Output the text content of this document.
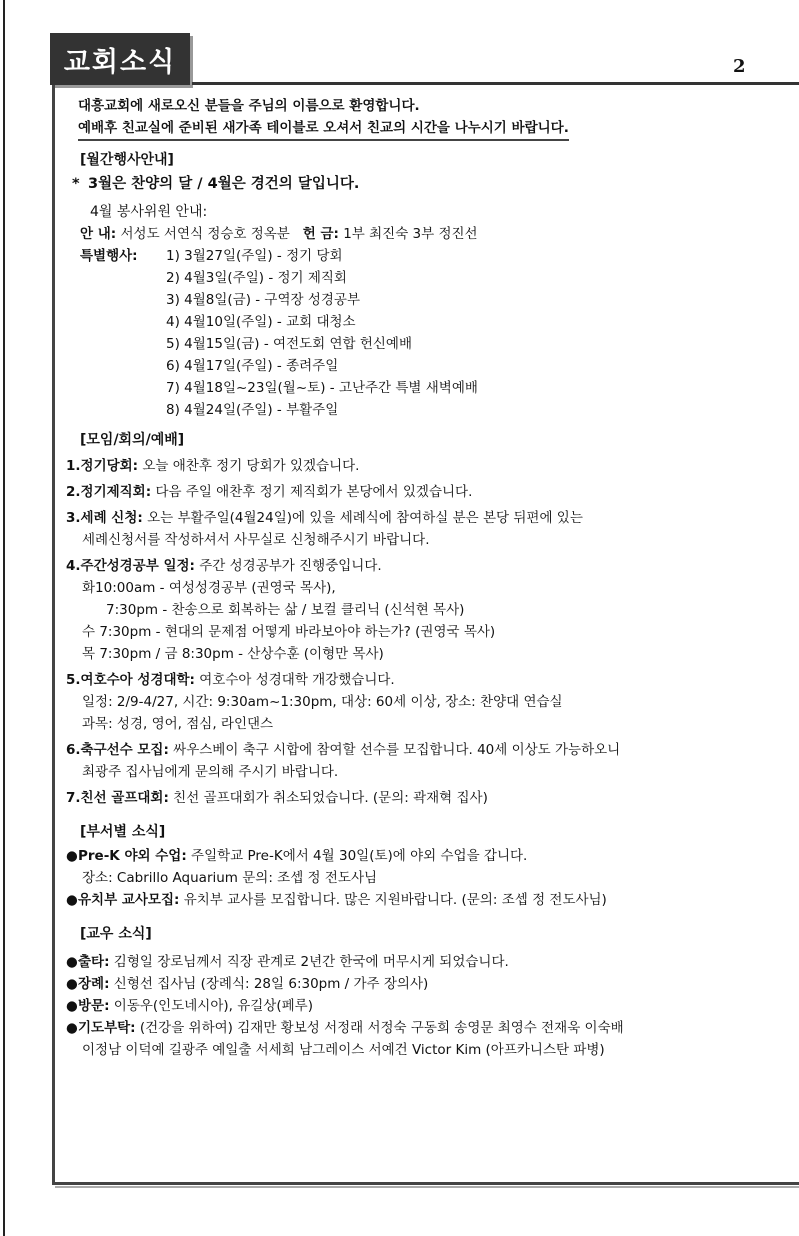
교회소식	2
대흥교회에 새로오신 분들을 주님의 이름으로 환영합니다.
예배후 친교실에 준비된 새가족 테이블로 오셔서 친교의 시간을 나누시기 바랍니다.
[월간행사안내]
* 3월은 찬양의 달 / 4월은 경건의 달입니다.
4월 봉사위원 안내:
안 내: 서성도 서연식 정승호 정옥분 헌 금: 1부 최진숙 3부 정진선
특별행사:	1) 3월27일(주일) - 정기 당회
2) 4월3일(주일) - 정기 제직회
3) 4월8일(금) - 구역장 성경공부
4) 4월10일(주일) - 교회 대청소
5) 4월15일(금) - 여전도회 연합 헌신예배
6) 4월17일(주일) - 종려주일
7) 4월18일~23일(월~토) - 고난주간 특별 새벽예배
8) 4월24일(주일) - 부활주일
[모임/회의/예배]
1.정기당회: 오늘 애찬후 정기 당회가 있겠습니다.
2.정기제직회: 다음 주일 애찬후 정기 제직회가 본당에서 있겠습니다.
3.세례 신청: 오는 부활주일(4월24일)에 있을 세례식에 참여하실 분은 본당 뒤편에 있는
세례신청서를 작성하셔서 사무실로 신청해주시기 바랍니다.
4.주간성경공부 일정: 주간 성경공부가 진행중입니다.
화10:00am - 여성성경공부 (권영국 목사),
7:30pm - 찬송으로 회복하는 삶 / 보컬 클리닉 (신석현 목사)
수 7:30pm - 현대의 문제점 어떻게 바라보아야 하는가? (권영국 목사)
목 7:30pm / 금 8:30pm - 산상수훈 (이형만 목사)
5.여호수아 성경대학: 여호수아 성경대학 개강했습니다.
일정: 2/9-4/27, 시간: 9:30am~1:30pm, 대상: 60세 이상, 장소: 찬양대 연습실
과목: 성경, 영어, 점심, 라인댄스
6.축구선수 모집: 싸우스베이 축구 시합에 참여할 선수를 모집합니다. 40세 이상도 가능하오니
최광주 집사님에게 문의해 주시기 바랍니다.
7.친선 골프대회: 친선 골프대회가 취소되었습니다. (문의: 곽재혁 집사)
[부서별 소식]
●Pre-K 야외 수업: 주일학교 Pre-K에서 4월 30일(토)에 야외 수업을 갑니다.
장소: Cabrillo Aquarium 문의: 조셉 정 전도사님
●유치부 교사모집: 유치부 교사를 모집합니다. 많은 지원바랍니다. (문의: 조셉 정 전도사님)
[교우 소식]
●출타: 김형일 장로님께서 직장 관계로 2년간 한국에 머무시게 되었습니다.
●장례: 신형선 집사님 (장례식: 28일 6:30pm / 가주 장의사)
●방문: 이동우(인도네시아), 유길상(페루)
●기도부탁: (건강을 위하여) 김재만 황보성 서정래 서정숙 구동희 송영문 최영수 전재욱 이숙배
이정남 이덕예 길광주 예일출 서세희 남그레이스 서예건 Victor Kim (아프카니스탄 파병)
